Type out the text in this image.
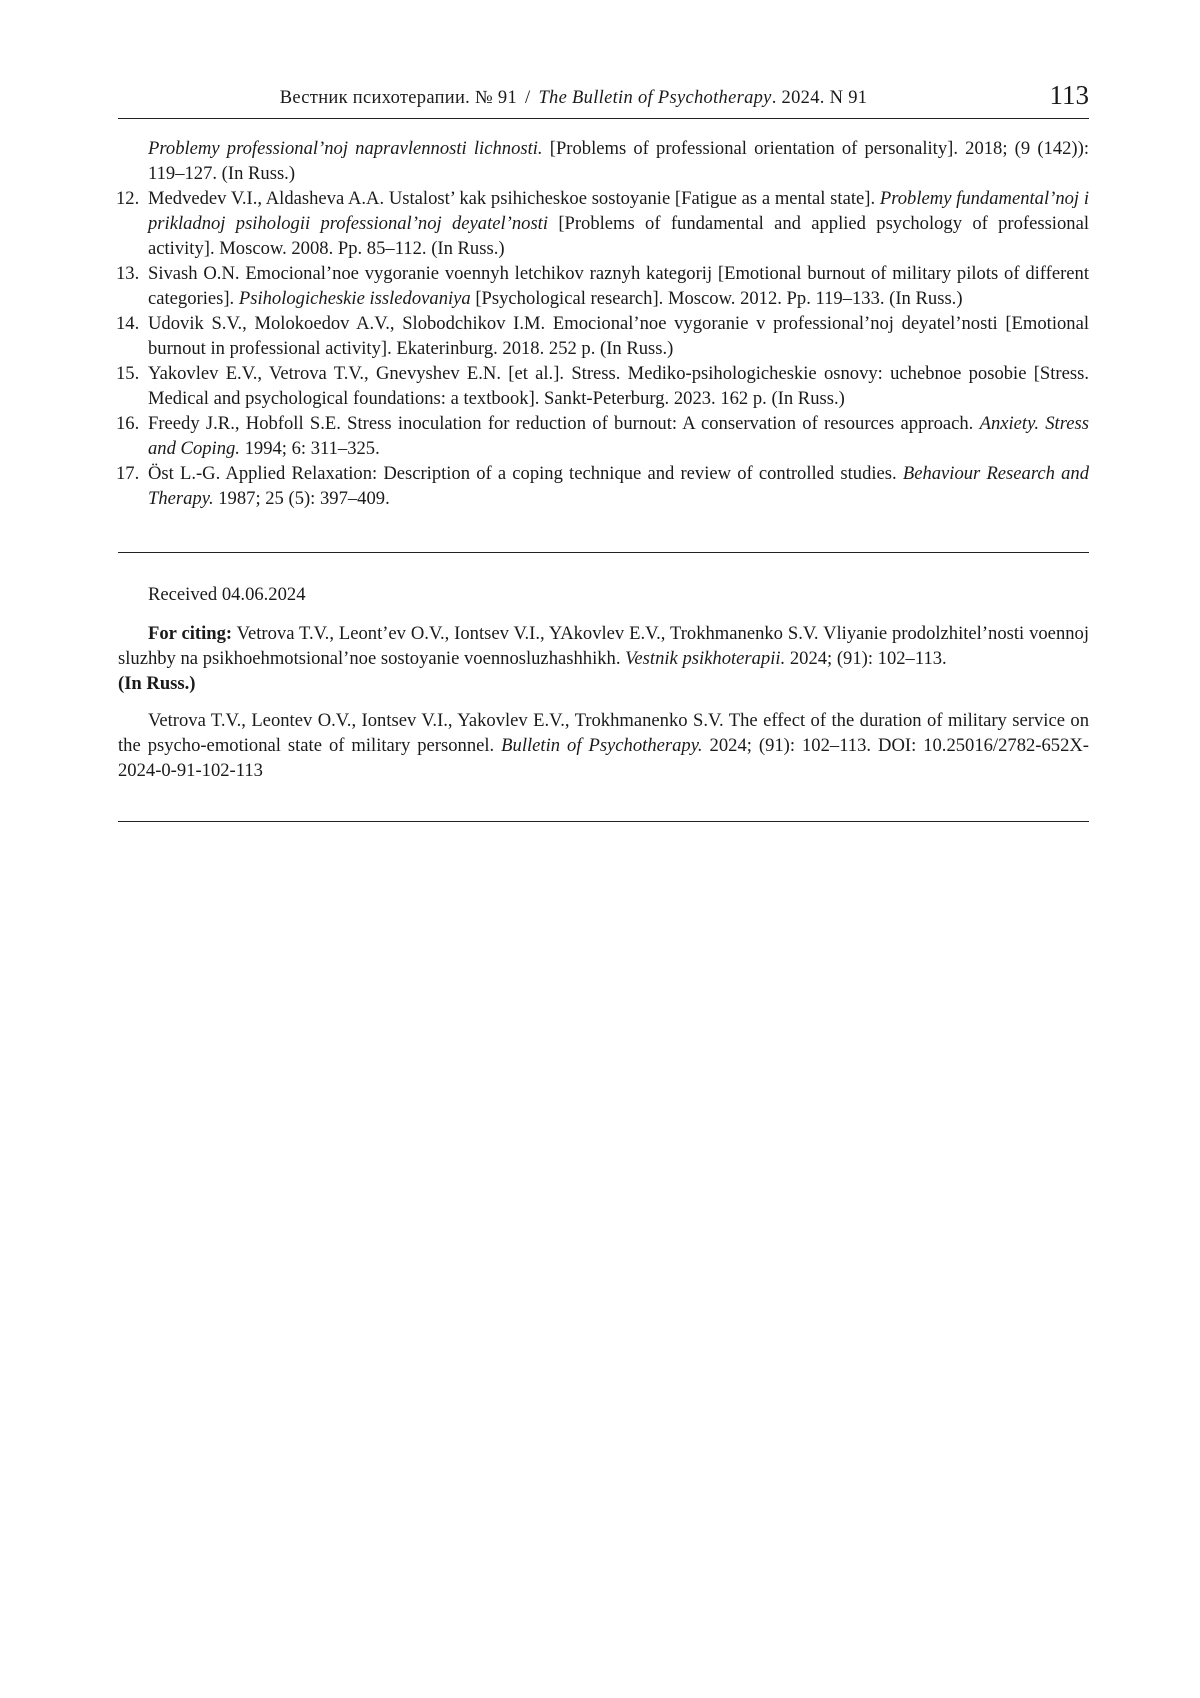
Вестник психотерапии. № 91 / The Bulletin of Psychotherapy. 2024. N 91	113

Problemy professional’noj napravlennosti lichnosti. [Problems of professional orientation of personality]. 2018; (9 (142)): 119–127. (In Russ.)

12. Medvedev V.I., Aldasheva A.A. Ustalost’ kak psihicheskoe sostoyanie [Fatigue as a mental state]. Problemy fundamental’noj i prikladnoj psihologii professional’noj deyatel’nosti [Problems of fundamental and applied psychology of professional activity]. Moscow. 2008. Pp. 85–112. (In Russ.)

13. Sivash O.N. Emocional’noe vygoranie voennyh letchikov raznyh kategorij [Emotional burnout of military pilots of different categories]. Psihologicheskie issledovaniya [Psychological research]. Moscow. 2012. Pp. 119–133. (In Russ.)

14. Udovik S.V., Molokoedov A.V., Slobodchikov I.M. Emocional’noe vygoranie v professional’noj deyatel’nosti [Emotional burnout in professional activity]. Ekaterinburg. 2018. 252 p. (In Russ.)

15. Yakovlev E.V., Vetrova T.V., Gnevyshev E.N. [et al.]. Stress. Mediko-psihologicheskie osnovy: uchebnoe posobie [Stress. Medical and psychological foundations: a textbook]. Sankt-Peterburg. 2023. 162 p. (In Russ.)

16. Freedy J.R., Hobfoll S.E. Stress inoculation for reduction of burnout: A conservation of resources approach. Anxiety. Stress and Coping. 1994; 6: 311–325.

17. Öst L.-G. Applied Relaxation: Description of a coping technique and review of controlled studies. Behaviour Research and Therapy. 1987; 25 (5): 397–409.

Received 04.06.2024

For citing: Vetrova T.V., Leont’ev O.V., Iontsev V.I., YAkovlev E.V., Trokhmanenko S.V. Vliyanie prodolzhitel’nosti voennoj sluzhby na psikhoehmotsional’noe sostoyanie voennosluzhashhikh. Vestnik psikhoterapii. 2024; (91): 102–113.
(In Russ.)

Vetrova T.V., Leontev O.V., Iontsev V.I., Yakovlev E.V., Trokhmanenko S.V. The effect of the duration of military service on the psycho-emotional state of military personnel. Bulletin of Psychotherapy. 2024; (91): 102–113. DOI: 10.25016/2782-652X-2024-0-91-102-113
